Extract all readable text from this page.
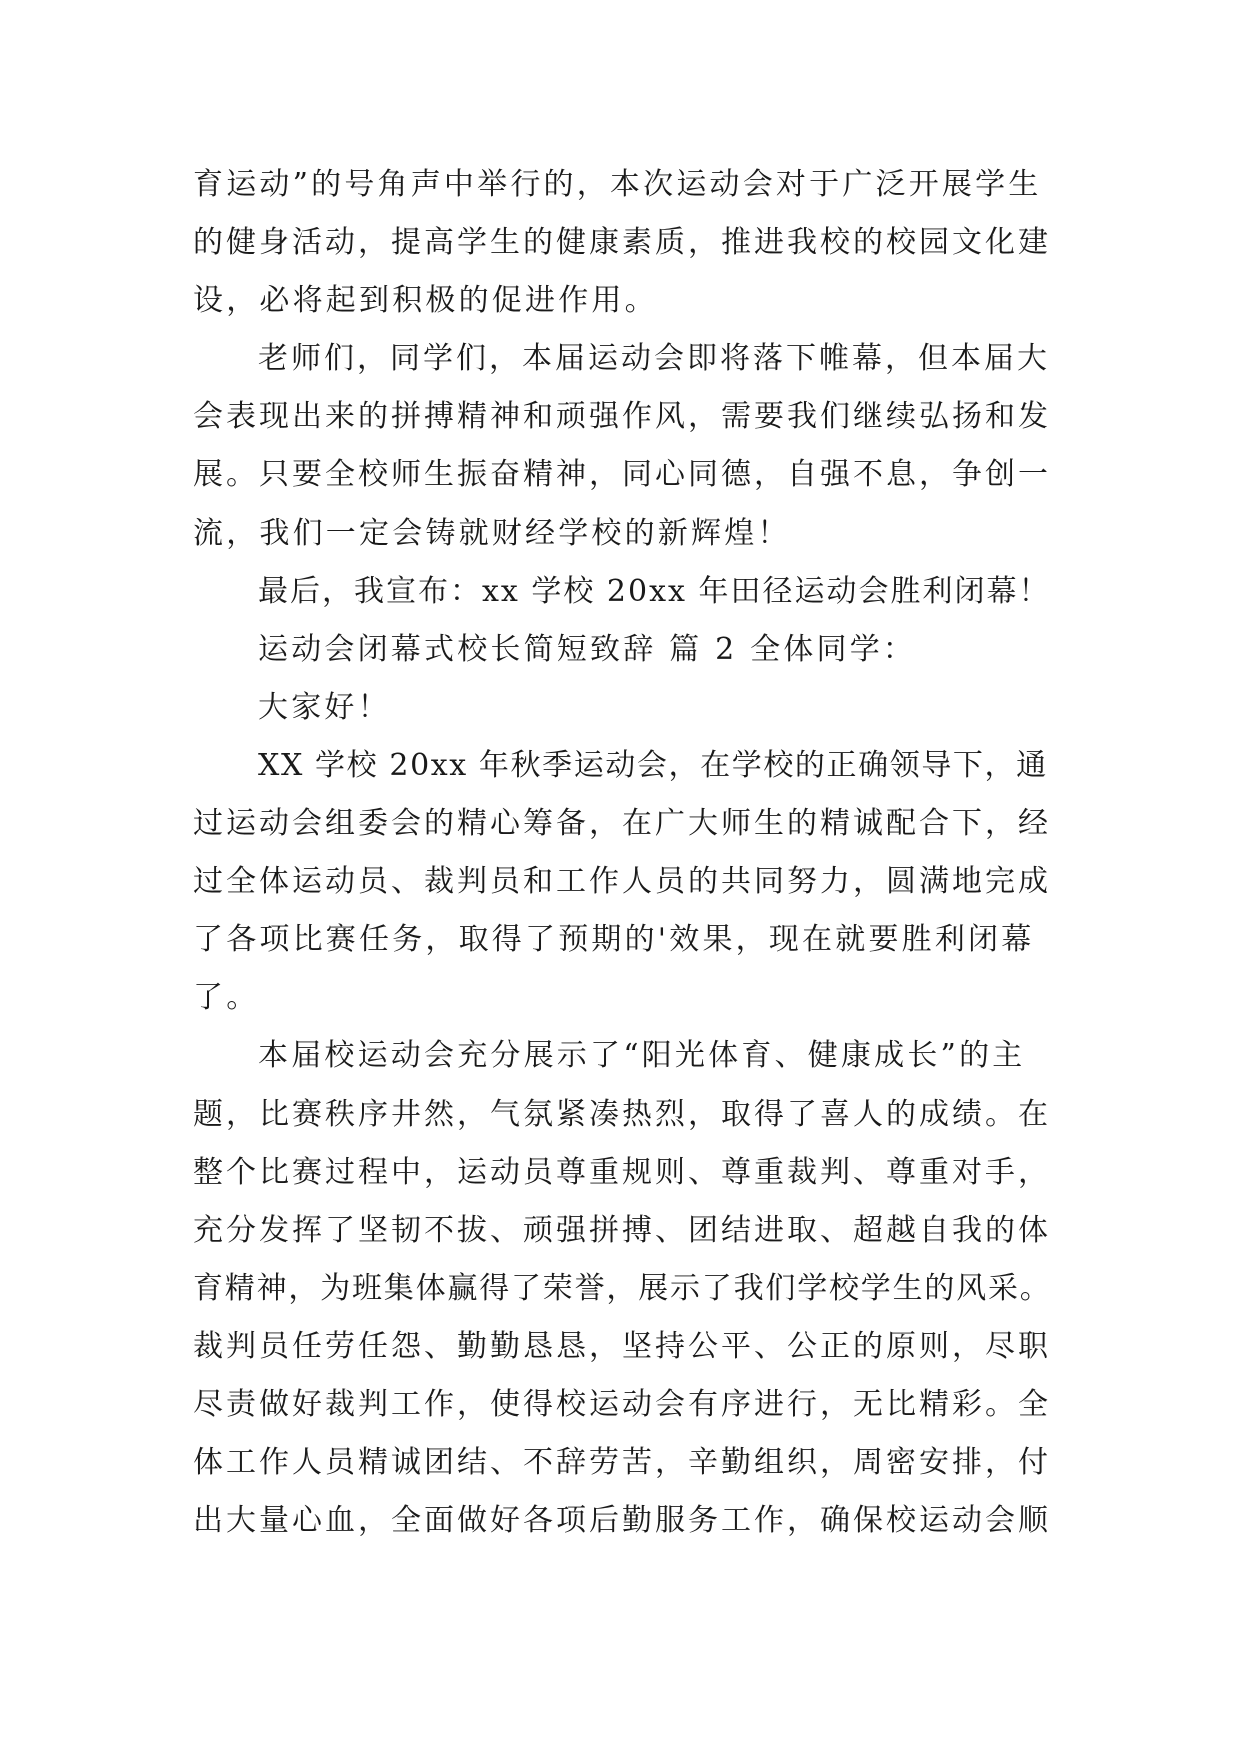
育运动”的号角声中举行的，本次运动会对于广泛开展学生
的健身活动，提高学生的健康素质，推进我校的校园文化建
设，必将起到积极的促进作用。
老师们，同学们，本届运动会即将落下帷幕，但本届大
会表现出来的拼搏精神和顽强作风，需要我们继续弘扬和发
展。只要全校师生振奋精神，同心同德，自强不息，争创一
流，我们一定会铸就财经学校的新辉煌！
最后，我宣布：xx 学校 20xx 年田径运动会胜利闭幕！
运动会闭幕式校长简短致辞 篇 2 全体同学：
大家好！
XX 学校 20xx 年秋季运动会，在学校的正确领导下，通
过运动会组委会的精心筹备，在广大师生的精诚配合下，经
过全体运动员、裁判员和工作人员的共同努力，圆满地完成
了各项比赛任务，取得了预期的'效果，现在就要胜利闭幕
了。
本届校运动会充分展示了“阳光体育、健康成长”的主
题，比赛秩序井然，气氛紧凑热烈，取得了喜人的成绩。在
整个比赛过程中，运动员尊重规则、尊重裁判、尊重对手，
充分发挥了坚韧不拔、顽强拼搏、团结进取、超越自我的体
育精神，为班集体赢得了荣誉，展示了我们学校学生的风采。
裁判员任劳任怨、勤勤恳恳，坚持公平、公正的原则，尽职
尽责做好裁判工作，使得校运动会有序进行，无比精彩。全
体工作人员精诚团结、不辞劳苦，辛勤组织，周密安排，付
出大量心血，全面做好各项后勤服务工作，确保校运动会顺
